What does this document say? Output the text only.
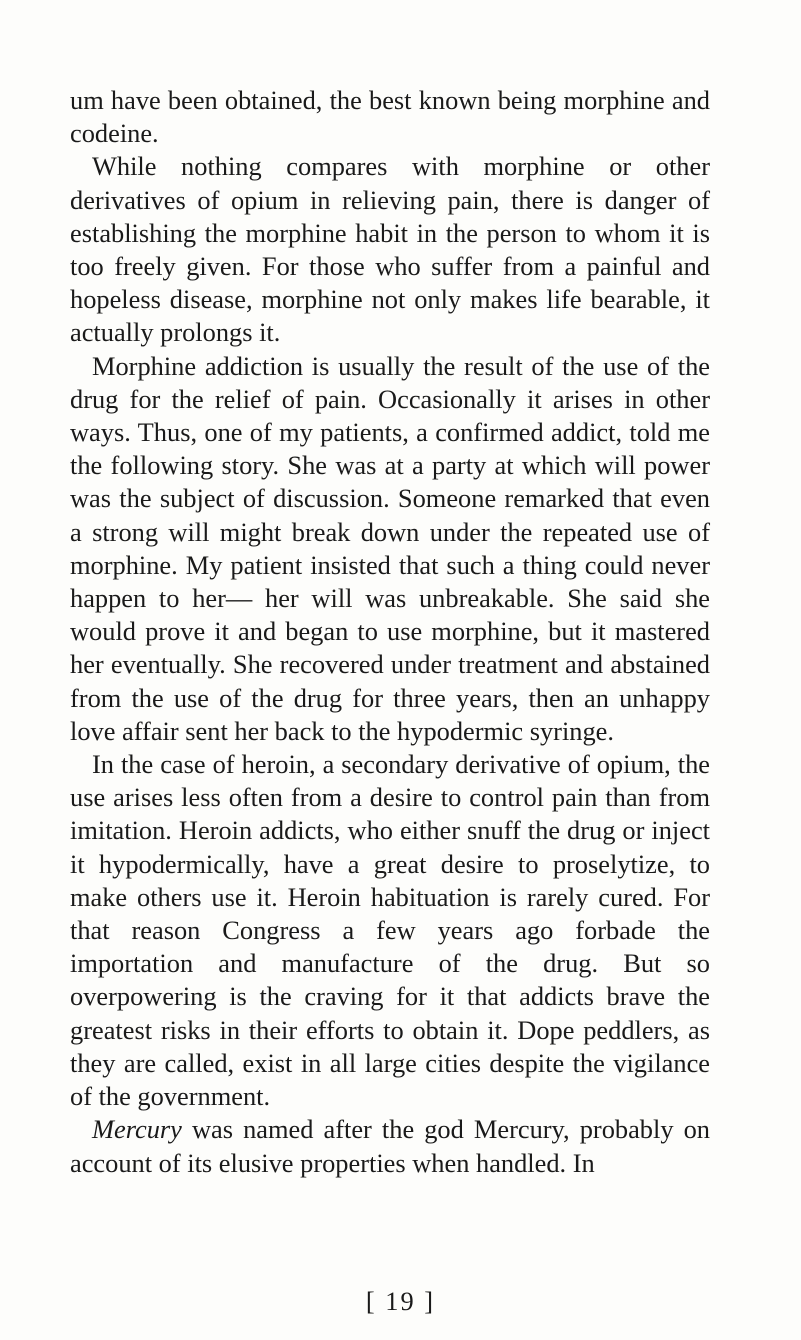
um have been obtained, the best known being morphine and codeine.

While nothing compares with morphine or other derivatives of opium in relieving pain, there is danger of establishing the morphine habit in the person to whom it is too freely given. For those who suffer from a painful and hopeless disease, morphine not only makes life bearable, it actually prolongs it.

Morphine addiction is usually the result of the use of the drug for the relief of pain. Occasionally it arises in other ways. Thus, one of my patients, a confirmed addict, told me the following story. She was at a party at which will power was the subject of discussion. Someone remarked that even a strong will might break down under the repeated use of morphine. My patient insisted that such a thing could never happen to her— her will was unbreakable. She said she would prove it and began to use morphine, but it mastered her eventually. She recovered under treatment and abstained from the use of the drug for three years, then an unhappy love affair sent her back to the hypodermic syringe.

In the case of heroin, a secondary derivative of opium, the use arises less often from a desire to control pain than from imitation. Heroin addicts, who either snuff the drug or inject it hypodermically, have a great desire to proselytize, to make others use it. Heroin habituation is rarely cured. For that reason Congress a few years ago forbade the importation and manufacture of the drug. But so overpowering is the craving for it that addicts brave the greatest risks in their efforts to obtain it. Dope peddlers, as they are called, exist in all large cities despite the vigilance of the government.

Mercury was named after the god Mercury, probably on account of its elusive properties when handled. In

[ 19 ]
